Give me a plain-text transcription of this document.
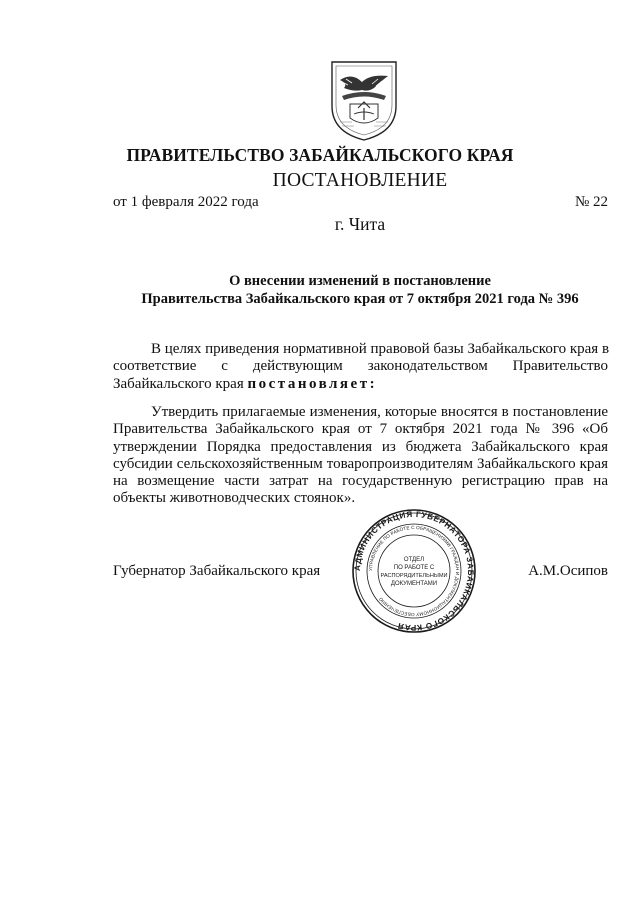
ПРАВИТЕЛЬСТВО ЗАБАЙКАЛЬСКОГО КРАЯ
ПОСТАНОВЛЕНИЕ
от 1 февраля 2022 года	№ 22
г. Чита
О внесении изменений в постановление
Правительства Забайкальского края от 7 октября 2021 года № 396
В целях приведения нормативной правовой базы Забайкальского края в
соответствие с действующим законодательством Правительство
Забайкальского края постановляет:
Утвердить прилагаемые изменения, которые вносятся в постановление
Правительства Забайкальского края от 7 октября 2021 года № 396 «Об
утверждении Порядка предоставления из бюджета Забайкальского края
субсидии сельскохозяйственным товаропроизводителям Забайкальского края
на возмещение части затрат на государственную регистрацию прав на
объекты животноводческих стоянок».
Губернатор Забайкальского края	А.М.Осипов
АДМИНИСТРАЦИЯ ГУБЕРНАТОРА ЗАБАЙКАЛЬСКОГО КРАЯ
УПРАВЛЕНИЕ ПО РАБОТЕ С ОБРАЩЕНИЯМИ ГРАЖДАН И ДОКУМЕНТАЦИОННОМУ ОБЕСПЕЧЕНИЮ
ОТДЕЛ
ПО РАБОТЕ С
РАСПОРЯДИТЕЛЬНЫМИ
ДОКУМЕНТАМИ
